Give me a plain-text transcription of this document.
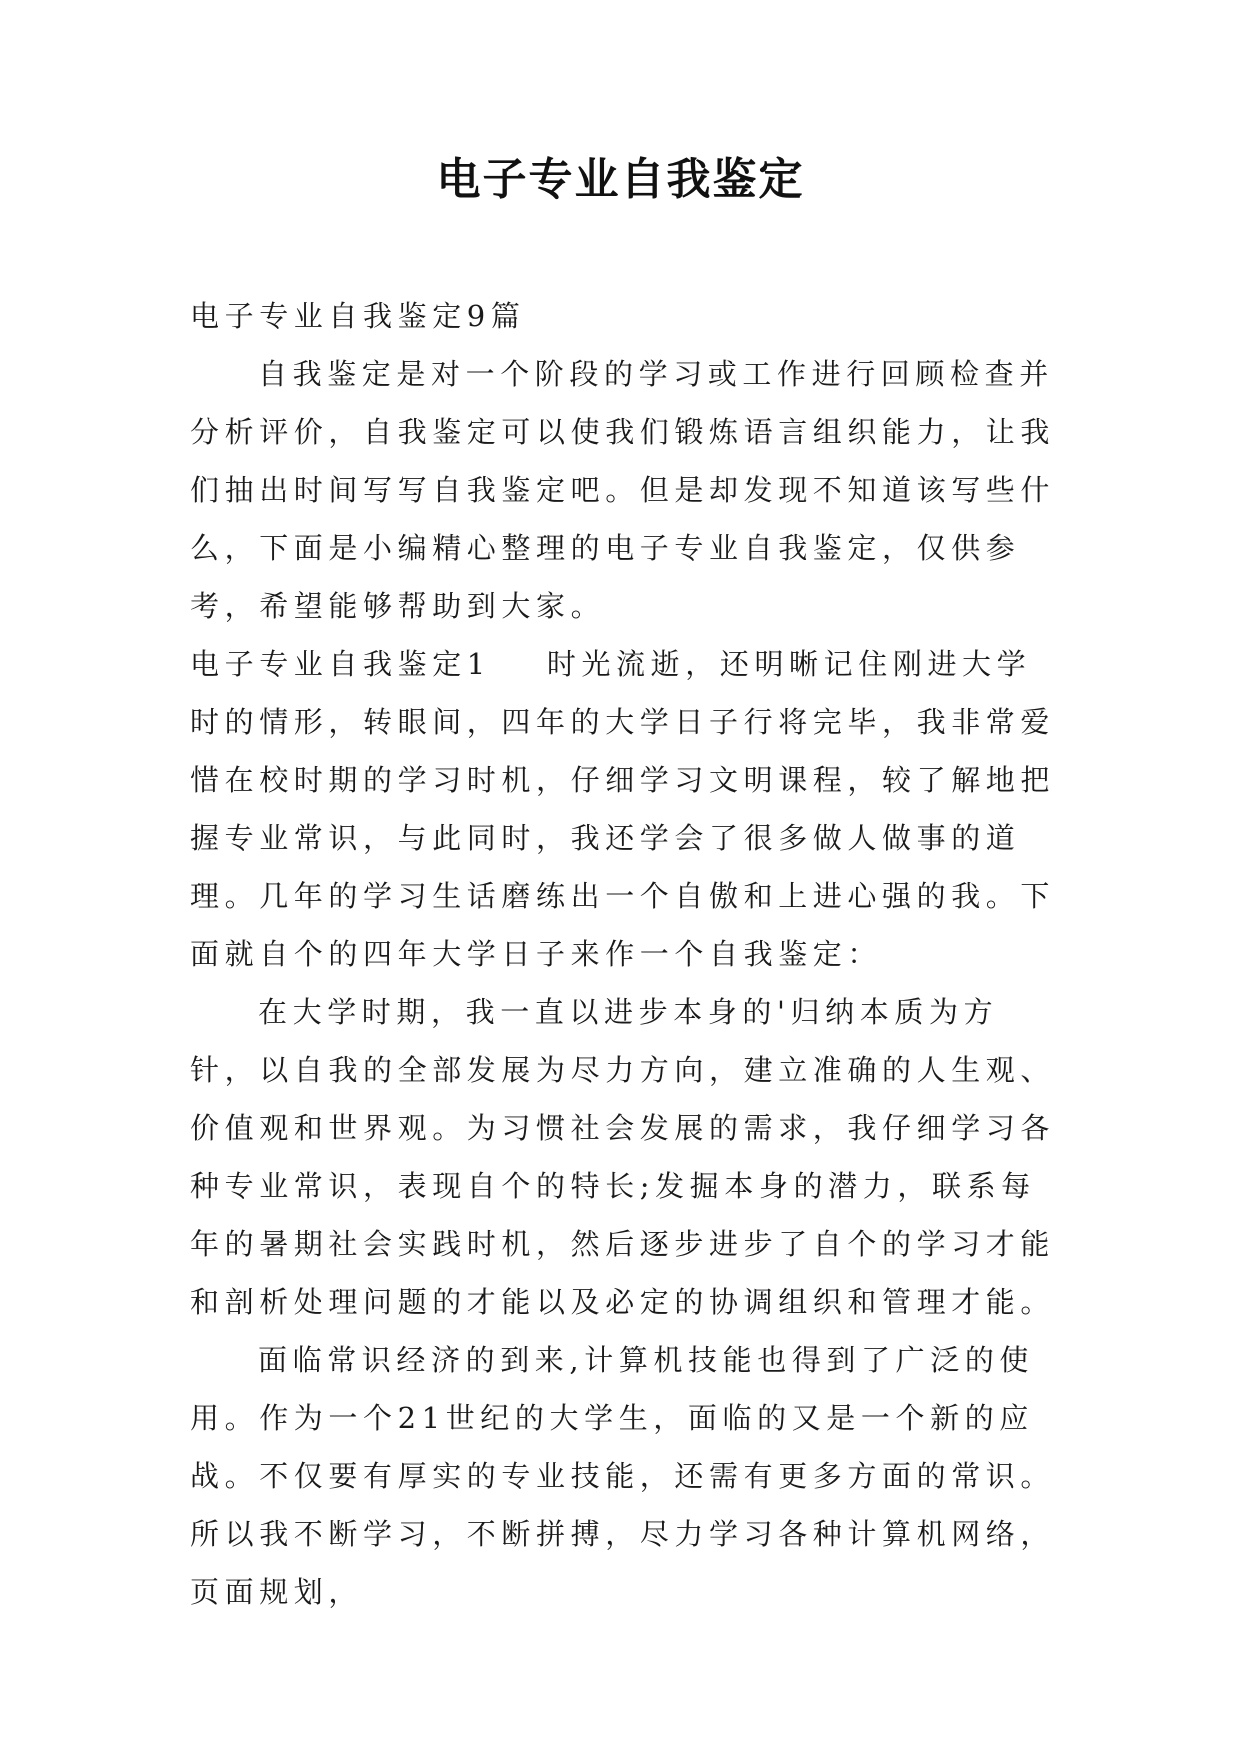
电子专业自我鉴定

电子专业自我鉴定9篇

自我鉴定是对一个阶段的学习或工作进行回顾检查并分析评价，自我鉴定可以使我们锻炼语言组织能力，让我们抽出时间写写自我鉴定吧。但是却发现不知道该写些什么，下面是小编精心整理的电子专业自我鉴定，仅供参考，希望能够帮助到大家。

电子专业自我鉴定1 时光流逝，还明晰记住刚进大学时的情形，转眼间，四年的大学日子行将完毕，我非常爱惜在校时期的学习时机，仔细学习文明课程，较了解地把握专业常识，与此同时，我还学会了很多做人做事的道理。几年的学习生话磨练出一个自傲和上进心强的我。下面就自个的四年大学日子来作一个自我鉴定：

在大学时期，我一直以进步本身的'归纳本质为方针，以自我的全部发展为尽力方向，建立准确的人生观、价值观和世界观。为习惯社会发展的需求，我仔细学习各种专业常识，表现自个的特长;发掘本身的潜力，联系每年的暑期社会实践时机，然后逐步进步了自个的学习才能和剖析处理问题的才能以及必定的协调组织和管理才能。

面临常识经济的到来,计算机技能也得到了广泛的使用。作为一个21世纪的大学生，面临的又是一个新的应战。不仅要有厚实的专业技能，还需有更多方面的常识。所以我不断学习，不断拼搏，尽力学习各种计算机网络，页面规划，
